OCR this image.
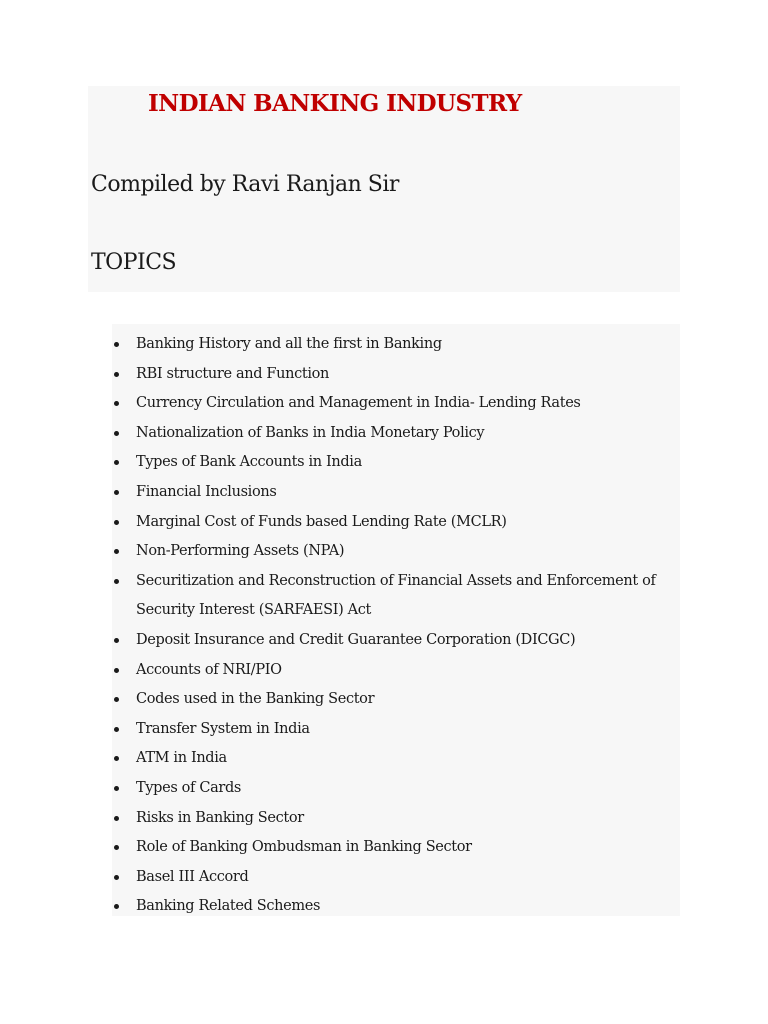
INDIAN BANKING INDUSTRY

Compiled by Ravi Ranjan Sir

TOPICS
Banking History and all the first in Banking
RBI structure and Function
Currency Circulation and Management in India- Lending Rates
Nationalization of Banks in India Monetary Policy
Types of Bank Accounts in India
Financial Inclusions
Marginal Cost of Funds based Lending Rate (MCLR)
Non-Performing Assets (NPA)
Securitization and Reconstruction of Financial Assets and Enforcement of Security Interest (SARFAESI) Act
Deposit Insurance and Credit Guarantee Corporation (DICGC)
Accounts of NRI/PIO
Codes used in the Banking Sector
Transfer System in India
ATM in India
Types of Cards
Risks in Banking Sector
Role of Banking Ombudsman in Banking Sector
Basel III Accord
Banking Related Schemes
